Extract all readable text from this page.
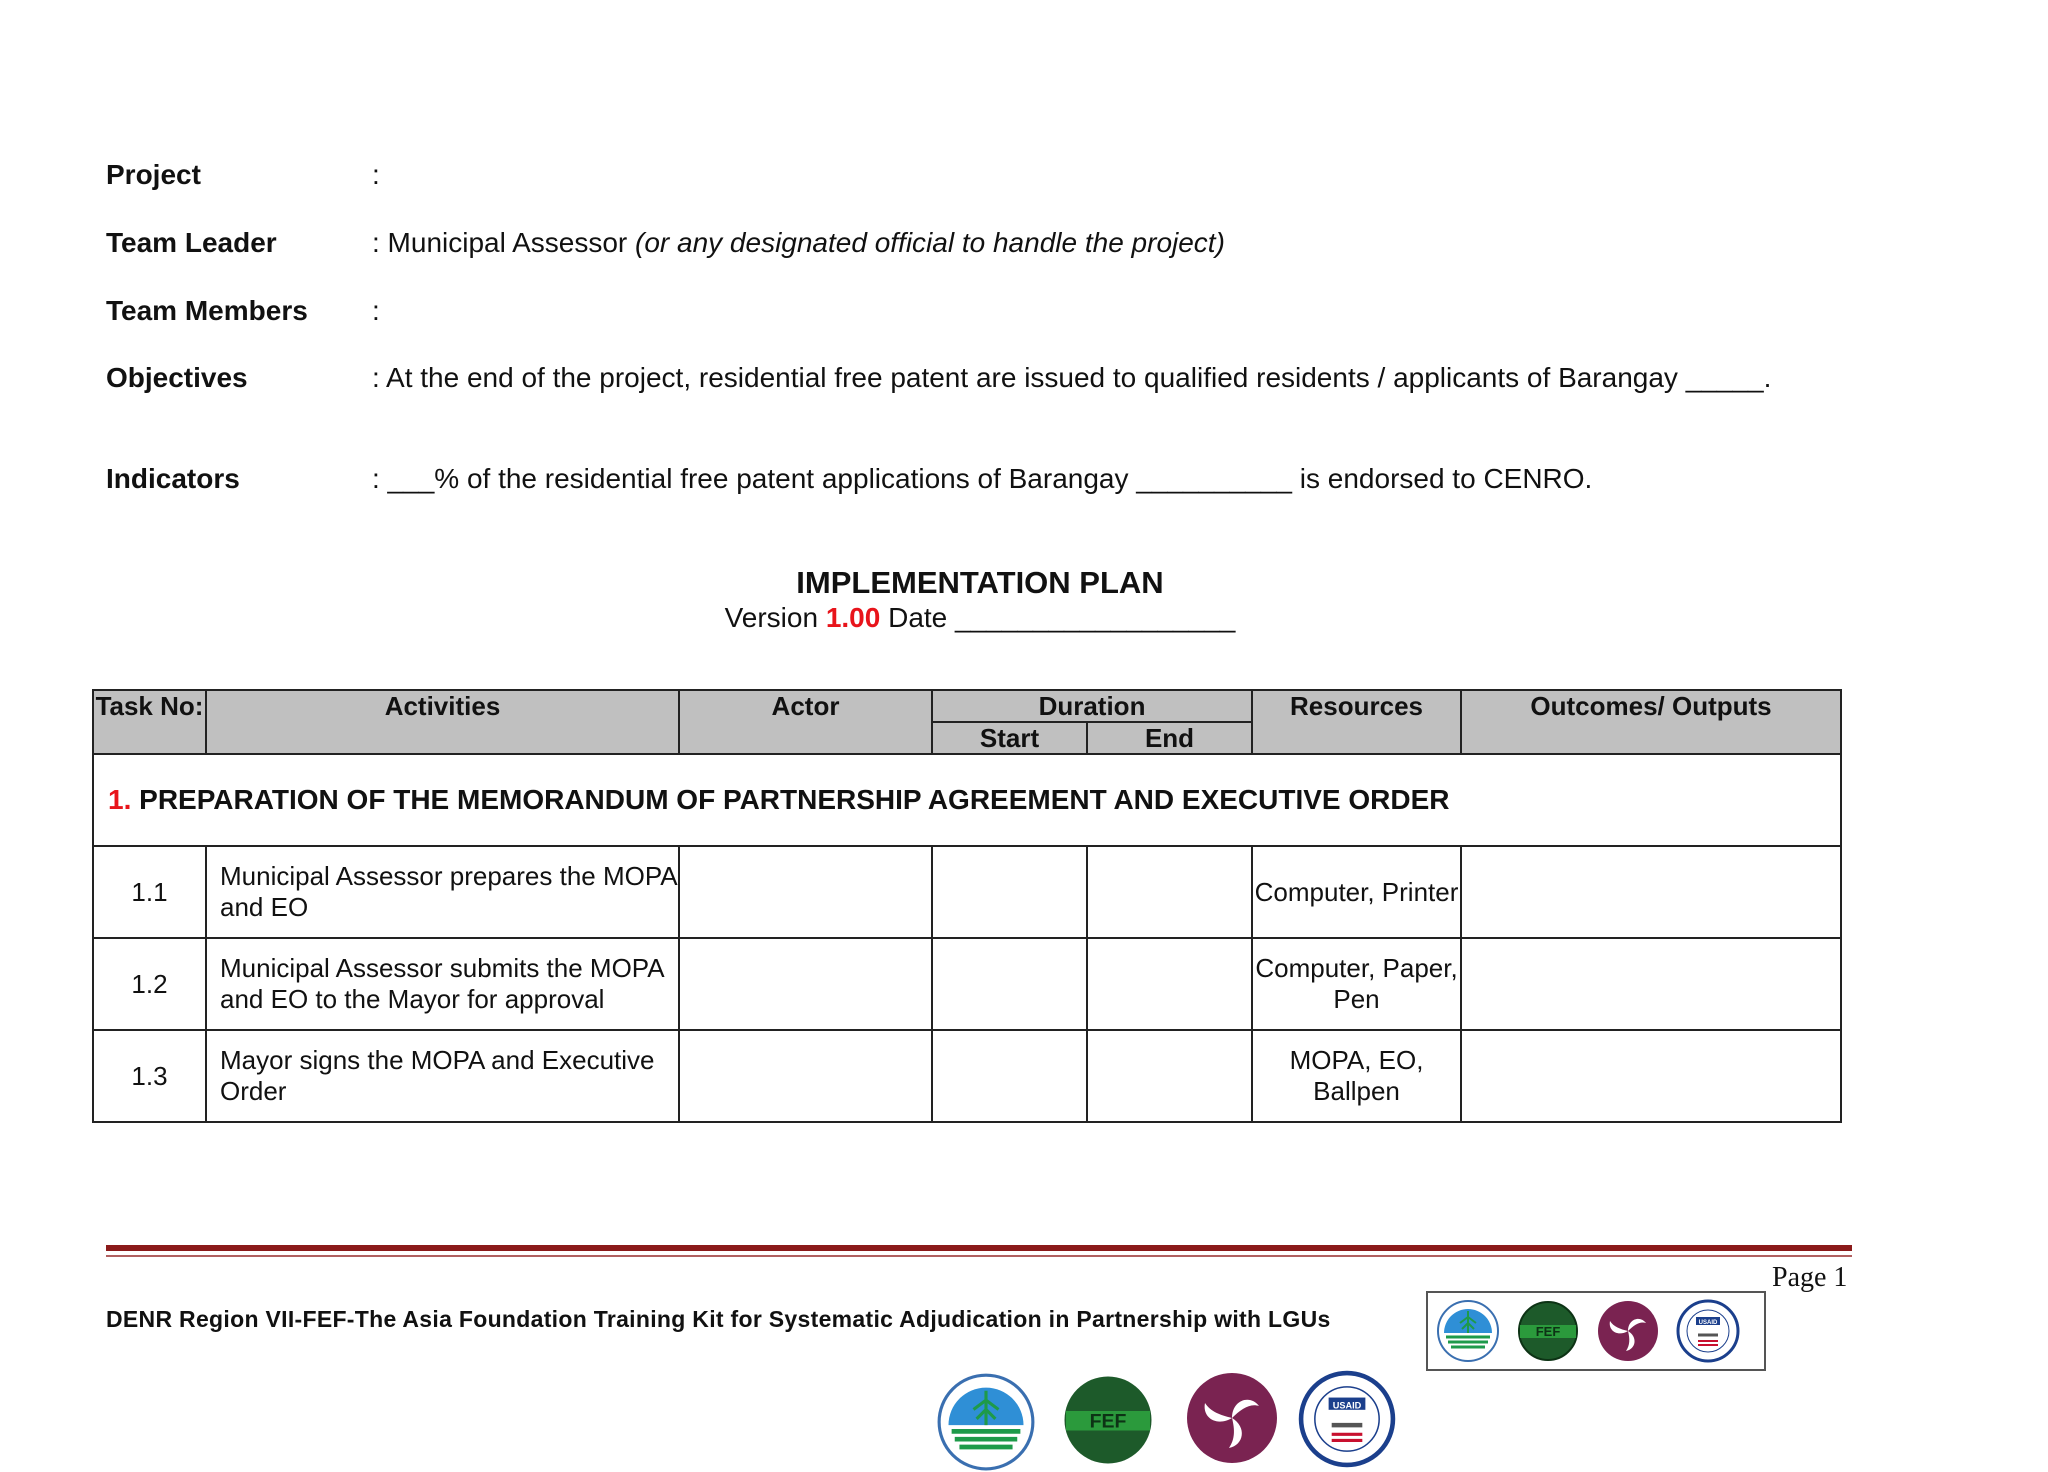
Project	:
Team Leader	: Municipal Assessor (or any designated official to handle the project)
Team Members :
Objectives	: At the end of the project, residential free patent are issued to qualified residents / applicants of Barangay _____.
Indicators	: ___% of the residential free patent applications of Barangay __________ is endorsed to CENRO.
IMPLEMENTATION PLAN
Version 1.00 Date __________________
Task No:	Activities	Actor	Duration		Resources	Outcomes/ Outputs
			Start	End		
1. PREPARATION OF THE MEMORANDUM OF PARTNERSHIP AGREEMENT AND EXECUTIVE ORDER						
1.1	Municipal Assessor prepares the MOPA and EO				Computer, Printer	
1.2	Municipal Assessor submits the MOPA and EO to the Mayor for approval				Computer, Paper, Pen	
1.3	Mayor signs the MOPA and Executive Order				MOPA, EO, Ballpen	
Page 1
DENR Region VII-FEF-The Asia Foundation Training Kit for Systematic Adjudication in Partnership with LGUs	FEF
USAID
FEF
USAID
